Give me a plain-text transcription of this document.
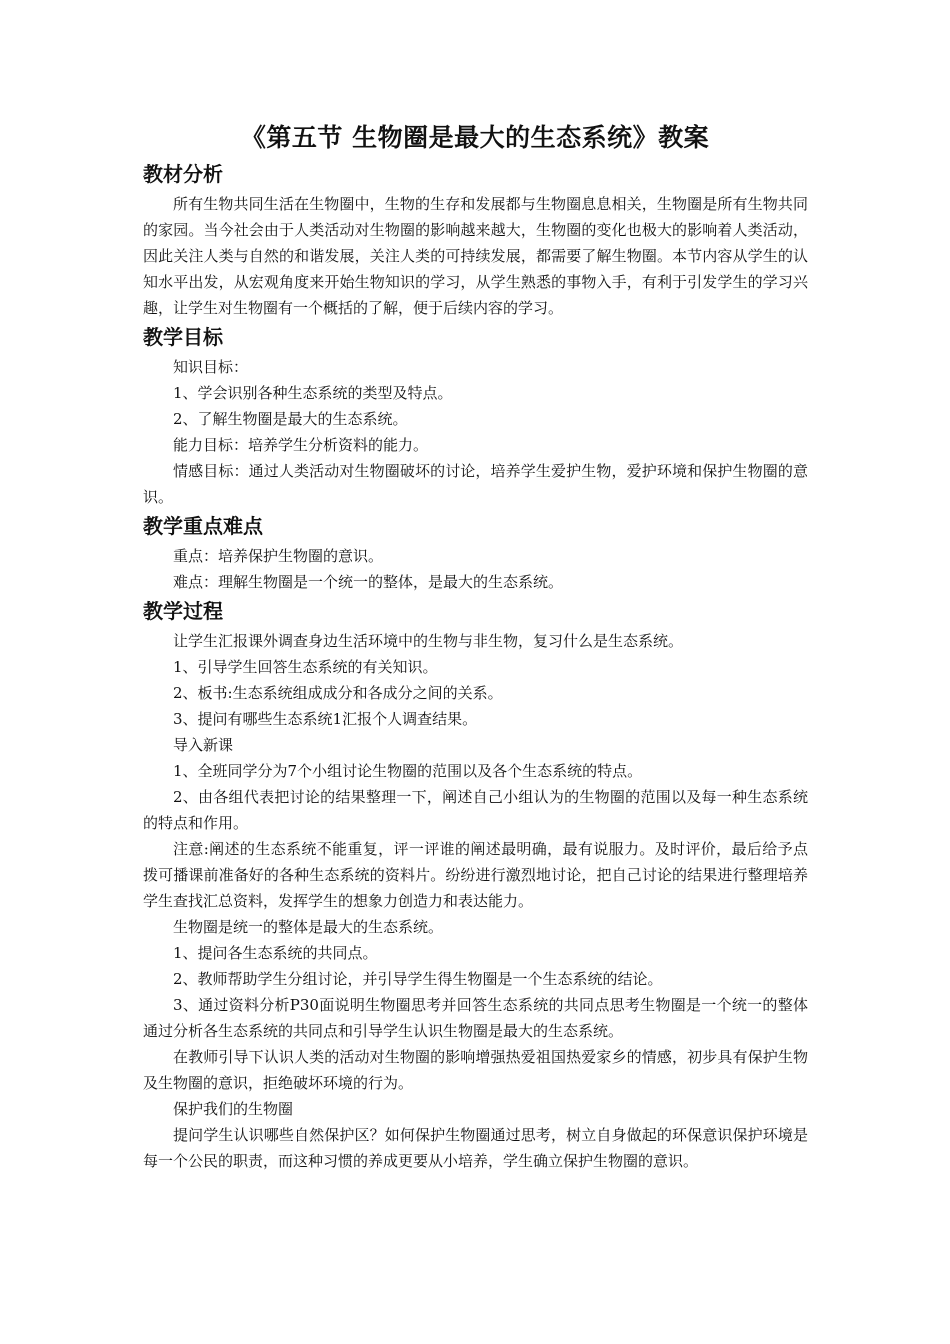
《第五节 生物圈是最大的生态系统》教案
教材分析
所有生物共同生活在生物圈中，生物的生存和发展都与生物圈息息相关，生物圈是所有生物共同的家园。当今社会由于人类活动对生物圈的影响越来越大，生物圈的变化也极大的影响着人类活动，因此关注人类与自然的和谐发展，关注人类的可持续发展，都需要了解生物圈。本节内容从学生的认知水平出发，从宏观角度来开始生物知识的学习，从学生熟悉的事物入手，有利于引发学生的学习兴趣，让学生对生物圈有一个概括的了解，便于后续内容的学习。
教学目标
知识目标：
1、学会识别各种生态系统的类型及特点。
2、了解生物圈是最大的生态系统。
能力目标：培养学生分析资料的能力。
情感目标：通过人类活动对生物圈破坏的讨论，培养学生爱护生物，爱护环境和保护生物圈的意识。
教学重点难点
重点：培养保护生物圈的意识。
难点：理解生物圈是一个统一的整体，是最大的生态系统。
教学过程
让学生汇报课外调查身边生活环境中的生物与非生物，复习什么是生态系统。
1、引导学生回答生态系统的有关知识。
2、板书:生态系统组成成分和各成分之间的关系。
3、提问有哪些生态系统1汇报个人调查结果。
导入新课
1、全班同学分为7个小组讨论生物圈的范围以及各个生态系统的特点。
2、由各组代表把讨论的结果整理一下，阐述自己小组认为的生物圈的范围以及每一种生态系统的特点和作用。
注意:阐述的生态系统不能重复，评一评谁的阐述最明确，最有说服力。及时评价，最后给予点拨可播课前准备好的各种生态系统的资料片。纷纷进行激烈地讨论，把自己讨论的结果进行整理培养学生查找汇总资料，发挥学生的想象力创造力和表达能力。
生物圈是统一的整体是最大的生态系统。
1、提问各生态系统的共同点。
2、教师帮助学生分组讨论，并引导学生得生物圈是一个生态系统的结论。
3、通过资料分析P30面说明生物圈思考并回答生态系统的共同点思考生物圈是一个统一的整体通过分析各生态系统的共同点和引导学生认识生物圈是最大的生态系统。
在教师引导下认识人类的活动对生物圈的影响增强热爱祖国热爱家乡的情感，初步具有保护生物及生物圈的意识，拒绝破坏环境的行为。
保护我们的生物圈
提问学生认识哪些自然保护区？如何保护生物圈通过思考，树立自身做起的环保意识保护环境是每一个公民的职责，而这种习惯的养成更要从小培养，学生确立保护生物圈的意识。
